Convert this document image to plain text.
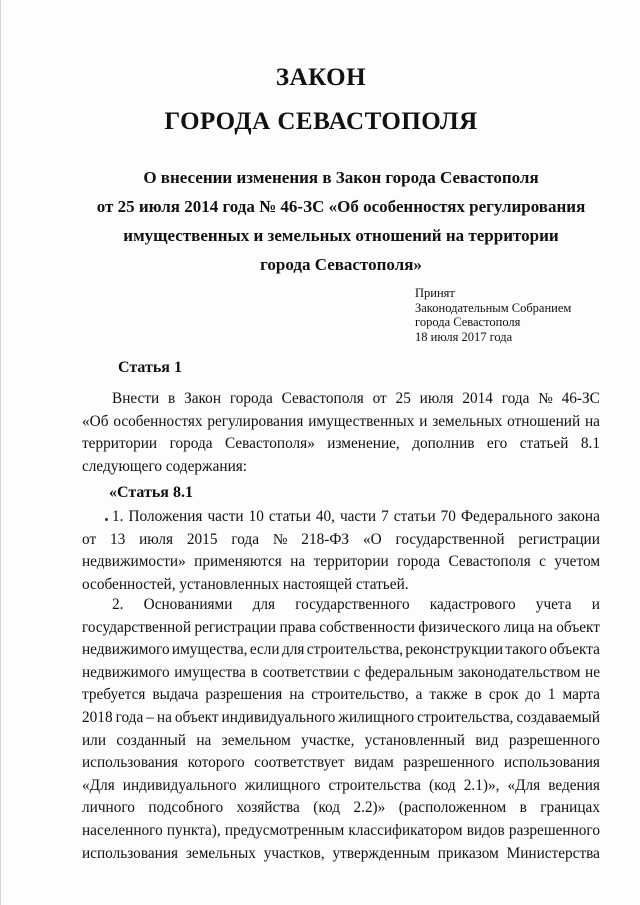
ЗАКОН
ГОРОДА СЕВАСТОПОЛЯ
О внесении изменения в Закон города Севастополя
от 25 июля 2014 года № 46-ЗС «Об особенностях регулирования
имущественных и земельных отношений на территории
города Севастополя»
Принят
Законодательным Собранием
города Севастополя
18 июля 2017 года
Статья 1
Внести в Закон города Севастополя от 25 июля 2014 года № 46-ЗС
«Об особенностях регулирования имущественных и земельных отношений на
территории города Севастополя» изменение, дополнив его статьей 8.1
следующего содержания:
«Статья 8.1
1. Положения части 10 статьи 40, части 7 статьи 70 Федерального закона
от 13 июля 2015 года № 218-ФЗ «О государственной регистрации
недвижимости» применяются на территории города Севастополя с учетом
особенностей, установленных настоящей статьей.
2. Основаниями для государственного кадастрового учета и
государственной регистрации права собственности физического лица на объект
недвижимого имущества, если для строительства, реконструкции такого объекта
недвижимого имущества в соответствии с федеральным законодательством не
требуется выдача разрешения на строительство, а также в срок до 1 марта
2018 года – на объект индивидуального жилищного строительства, создаваемый
или созданный на земельном участке, установленный вид разрешенного
использования которого соответствует видам разрешенного использования
«Для индивидуального жилищного строительства (код 2.1)», «Для ведения
личного подсобного хозяйства (код 2.2)» (расположенном в границах
населенного пункта), предусмотренным классификатором видов разрешенного
использования земельных участков, утвержденным приказом Министерства
